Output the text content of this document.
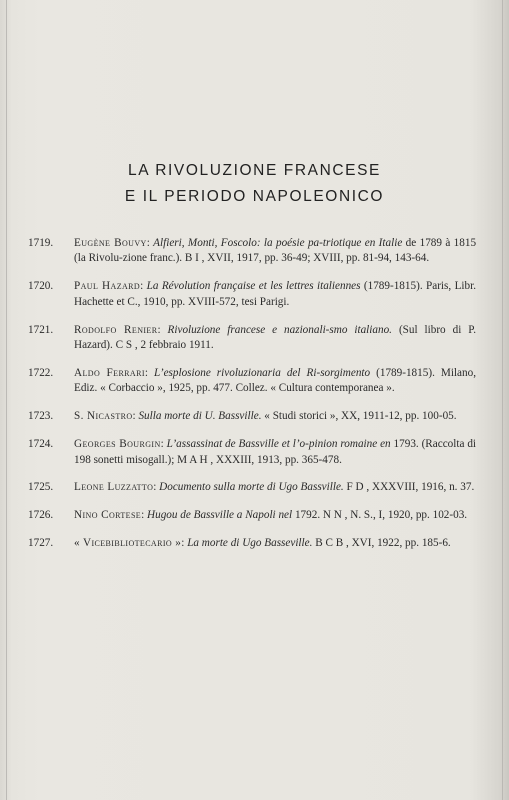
LA RIVOLUZIONE FRANCESE
E IL PERIODO NAPOLEONICO
1719.	Eugène Bouvy: Alfieri, Monti, Foscolo: la poésie pa-triotique en Italie de 1789 à 1815 (la Rivolu-zione franc.). B I , XVII, 1917, pp. 36-49; XVIII, pp. 81-94, 143-64.
1720.	Paul Hazard: La Révolution française et les lettres italiennes (1789-1815). Paris, Libr. Hachette et C., 1910, pp. XVIII-572, tesi Parigi.
1721.	Rodolfo Renier: Rivoluzione francese e nazionali-smo italiano. (Sul libro di P. Hazard). C S , 2 febbraio 1911.
1722.	Aldo Ferrari: L’esplosione rivoluzionaria del Ri-sorgimento (1789-1815). Milano, Ediz. « Corbaccio », 1925, pp. 477. Collez. « Cultura contemporanea ».
1723.	S. Nicastro: Sulla morte di U. Bassville. « Studi storici », XX, 1911-12, pp. 100-05.
1724.	Georges Bourgin: L’assassinat de Bassville et l’o-pinion romaine en 1793. (Raccolta di 198 sonetti misogall.); M A H , XXXIII, 1913, pp. 365-478.
1725.	Leone Luzzatto: Documento sulla morte di Ugo Bassville. F D , XXXVIII, 1916, n. 37.
1726.	Nino Cortese: Hugou de Bassville a Napoli nel 1792. N N , N. S., I, 1920, pp. 102-03.
1727.	« Vicebibliotecario »: La morte di Ugo Basseville. B C B , XVI, 1922, pp. 185-6.
